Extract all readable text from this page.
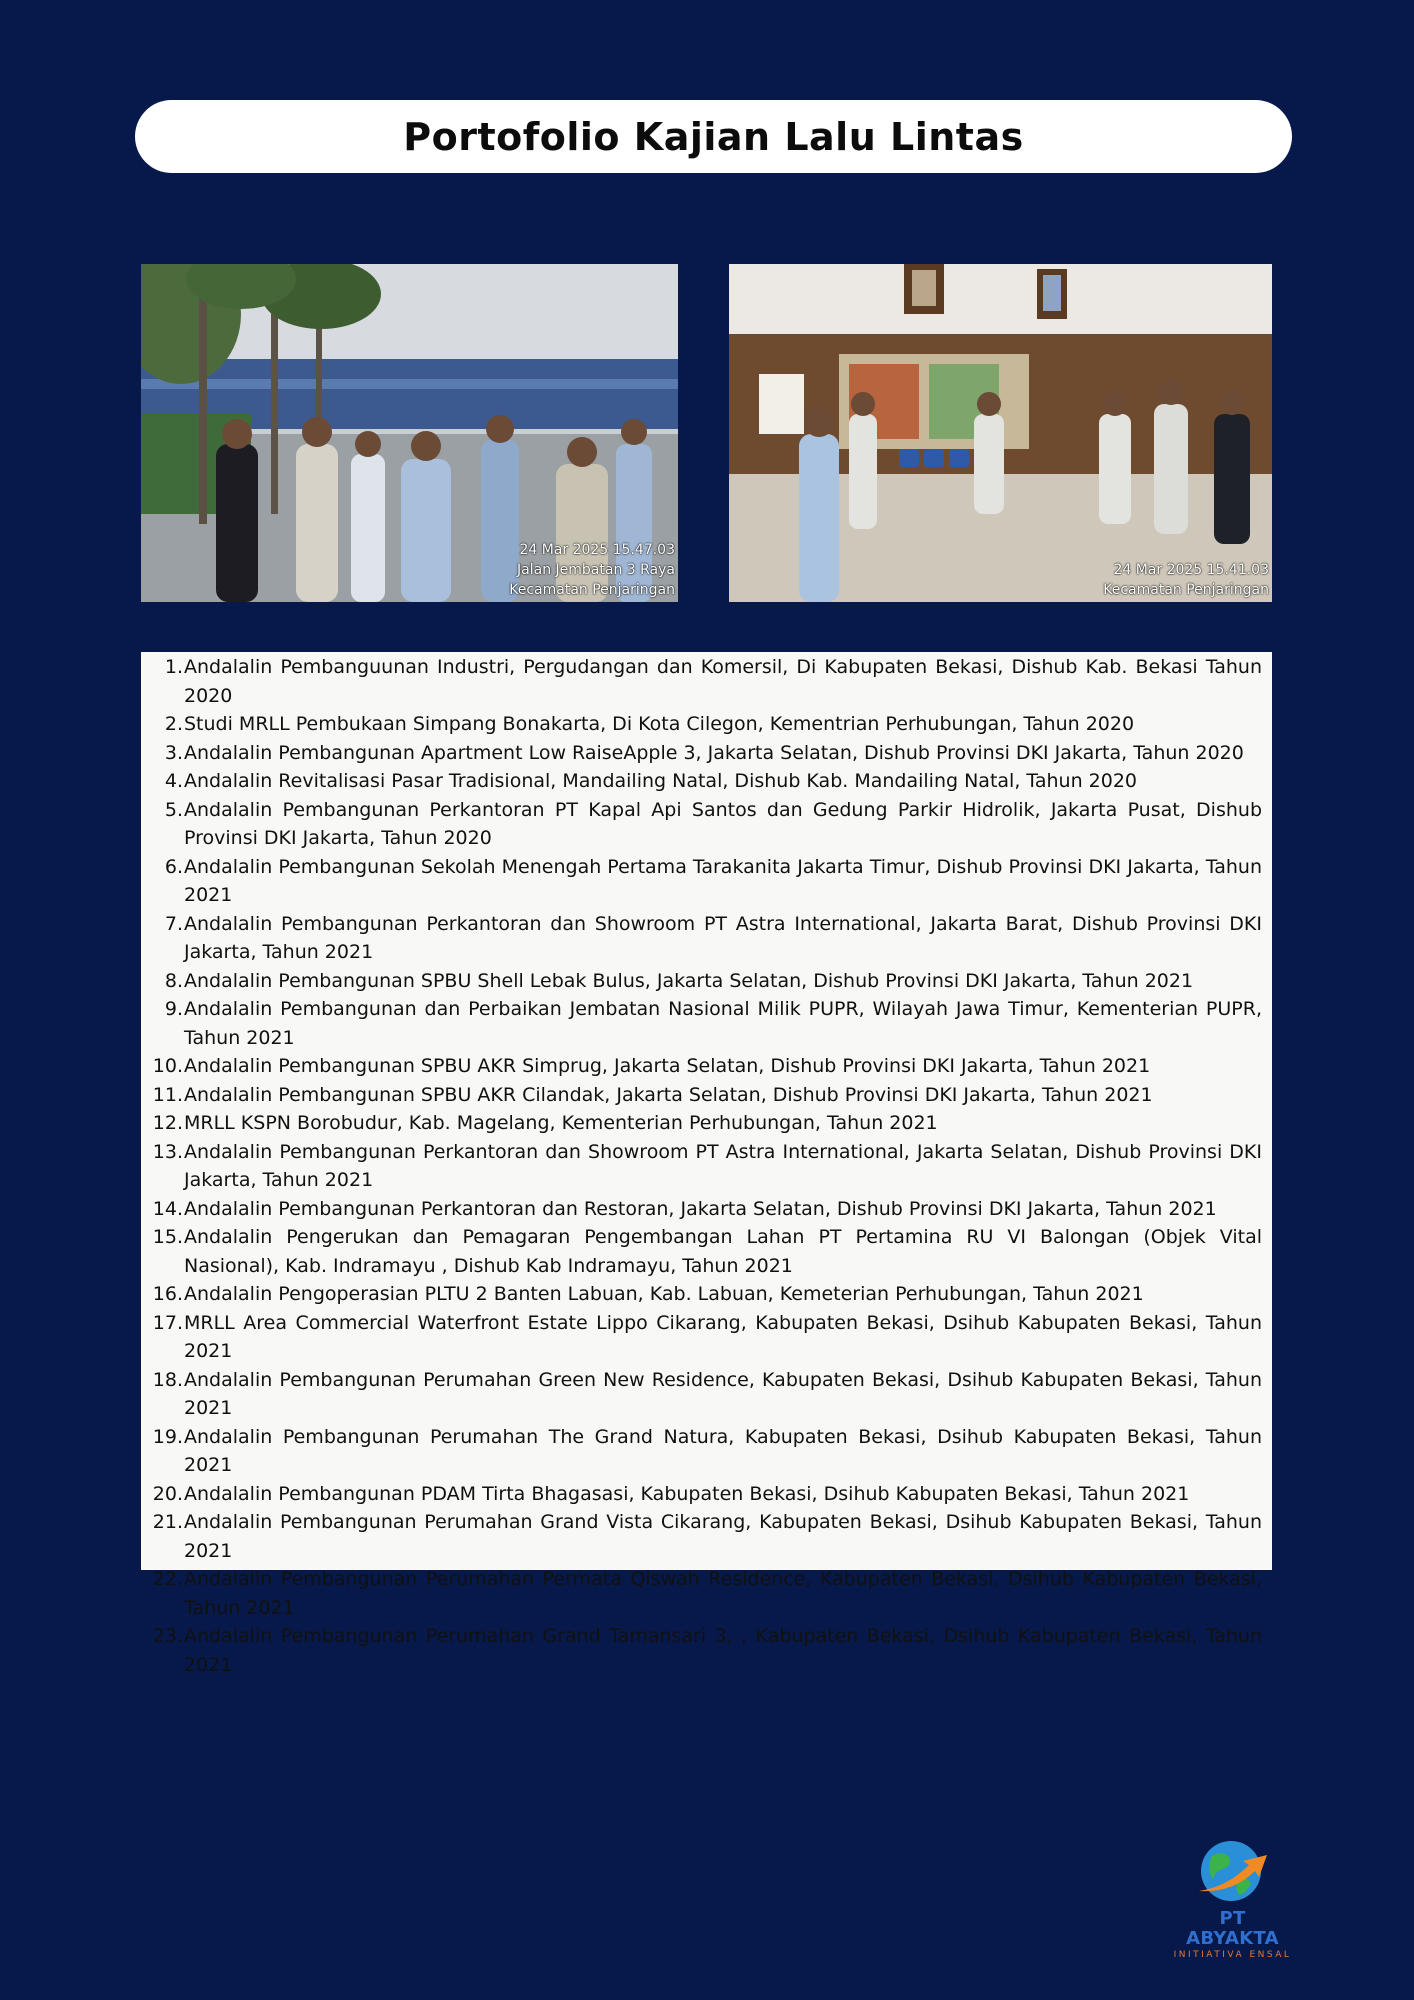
Portofolio Kajian Lalu Lintas
24 Mar 2025 15.47.03
Jalan Jembatan 3 Raya
Kecamatan Penjaringan
24 Mar 2025 15.41.03
Kecamatan Penjaringan
1. Andalalin Pembanguunan Industri, Pergudangan dan Komersil, Di Kabupaten Bekasi, Dishub Kab. Bekasi Tahun 2020
2. Studi MRLL Pembukaan Simpang Bonakarta, Di Kota Cilegon, Kementrian Perhubungan, Tahun 2020
3. Andalalin Pembangunan Apartment Low RaiseApple 3, Jakarta Selatan, Dishub Provinsi DKI Jakarta, Tahun 2020
4. Andalalin Revitalisasi Pasar Tradisional, Mandailing Natal, Dishub Kab. Mandailing Natal, Tahun 2020
5. Andalalin Pembangunan Perkantoran PT Kapal Api Santos dan Gedung Parkir Hidrolik, Jakarta Pusat, Dishub Provinsi DKI Jakarta, Tahun 2020
6. Andalalin Pembangunan Sekolah Menengah Pertama Tarakanita Jakarta Timur, Dishub Provinsi DKI Jakarta, Tahun 2021
7. Andalalin Pembangunan Perkantoran dan Showroom PT Astra International, Jakarta Barat, Dishub Provinsi DKI Jakarta, Tahun 2021
8. Andalalin Pembangunan SPBU Shell Lebak Bulus, Jakarta Selatan, Dishub Provinsi DKI Jakarta, Tahun 2021
9. Andalalin Pembangunan dan Perbaikan Jembatan Nasional Milik PUPR, Wilayah Jawa Timur, Kementerian PUPR, Tahun 2021
10. Andalalin Pembangunan SPBU AKR Simprug, Jakarta Selatan, Dishub Provinsi DKI Jakarta, Tahun 2021
11. Andalalin Pembangunan SPBU AKR Cilandak, Jakarta Selatan, Dishub Provinsi DKI Jakarta, Tahun 2021
12. MRLL KSPN Borobudur, Kab. Magelang, Kementerian Perhubungan, Tahun 2021
13. Andalalin Pembangunan Perkantoran dan Showroom PT Astra International, Jakarta Selatan, Dishub Provinsi DKI Jakarta, Tahun 2021
14. Andalalin Pembangunan Perkantoran dan Restoran, Jakarta Selatan, Dishub Provinsi DKI Jakarta, Tahun 2021
15. Andalalin Pengerukan dan Pemagaran Pengembangan Lahan PT Pertamina RU VI Balongan (Objek Vital Nasional), Kab. Indramayu , Dishub Kab Indramayu, Tahun 2021
16. Andalalin Pengoperasian PLTU 2 Banten Labuan, Kab. Labuan, Kemeterian Perhubungan, Tahun 2021
17. MRLL Area Commercial Waterfront Estate Lippo Cikarang, Kabupaten Bekasi, Dsihub Kabupaten Bekasi, Tahun 2021
18. Andalalin Pembangunan Perumahan Green New Residence, Kabupaten Bekasi, Dsihub Kabupaten Bekasi, Tahun 2021
19. Andalalin Pembangunan Perumahan The Grand Natura, Kabupaten Bekasi, Dsihub Kabupaten Bekasi, Tahun 2021
20. Andalalin Pembangunan PDAM Tirta Bhagasasi, Kabupaten Bekasi, Dsihub Kabupaten Bekasi, Tahun 2021
21. Andalalin Pembangunan Perumahan Grand Vista Cikarang, Kabupaten Bekasi, Dsihub Kabupaten Bekasi, Tahun 2021
22. Andalalin Pembangunan Perumahan Permata Qiswah Residence, Kabupaten Bekasi, Dsihub Kabupaten Bekasi, Tahun 2021
23. Andalalin Pembangunan Perumahan Grand Tamansari 3, , Kabupaten Bekasi, Dsihub Kabupaten Bekasi, Tahun 2021
PT ABYAKTA
INITIATIVA ENSAL
